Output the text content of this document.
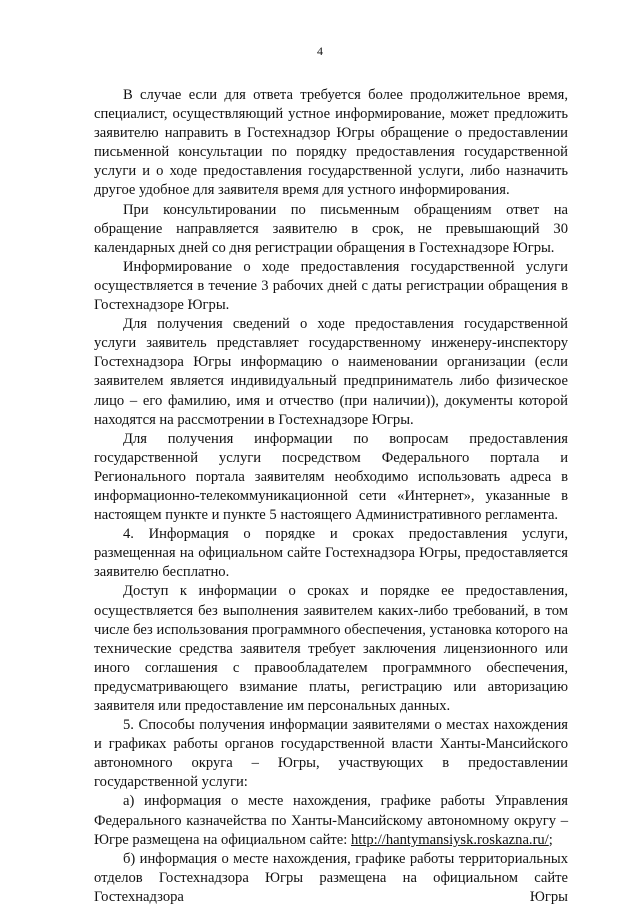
4

В случае если для ответа требуется более продолжительное время, специалист, осуществляющий устное информирование, может предложить заявителю направить в Гостехнадзор Югры обращение о предоставлении письменной консультации по порядку предоставления государственной услуги и о ходе предоставления государственной услуги, либо назначить другое удобное для заявителя время для устного информирования.

При консультировании по письменным обращениям ответ на обращение направляется заявителю в срок, не превышающий 30 календарных дней со дня регистрации обращения в Гостехнадзоре Югры.

Информирование о ходе предоставления государственной услуги осуществляется в течение 3 рабочих дней с даты регистрации обращения в Гостехнадзоре Югры.

Для получения сведений о ходе предоставления государственной услуги заявитель представляет государственному инженеру-инспектору Гостехнадзора Югры информацию о наименовании организации (если заявителем является индивидуальный предприниматель либо физическое лицо – его фамилию, имя и отчество (при наличии)), документы которой находятся на рассмотрении в Гостехнадзоре Югры.

Для получения информации по вопросам предоставления государственной услуги посредством Федерального портала и Регионального портала заявителям необходимо использовать адреса в информационно-телекоммуникационной сети «Интернет», указанные в настоящем пункте и пункте 5 настоящего Административного регламента.

4. Информация о порядке и сроках предоставления услуги, размещенная на официальном сайте Гостехнадзора Югры, предоставляется заявителю бесплатно.

Доступ к информации о сроках и порядке ее предоставления, осуществляется без выполнения заявителем каких-либо требований, в том числе без использования программного обеспечения, установка которого на технические средства заявителя требует заключения лицензионного или иного соглашения с правообладателем программного обеспечения, предусматривающего взимание платы, регистрацию или авторизацию заявителя или предоставление им персональных данных.

5. Способы получения информации заявителями о местах нахождения и графиках работы органов государственной власти Ханты-Мансийского автономного округа – Югры, участвующих в предоставлении государственной услуги:

а) информация о месте нахождения, графике работы Управления Федерального казначейства по Ханты-Мансийскому автономному округу – Югре размещена на официальном сайте: http://hantymansiysk.roskazna.ru/;

б) информация о месте нахождения, графике работы территориальных отделов Гостехнадзора Югры размещена на официальном сайте Гостехнадзора Югры
